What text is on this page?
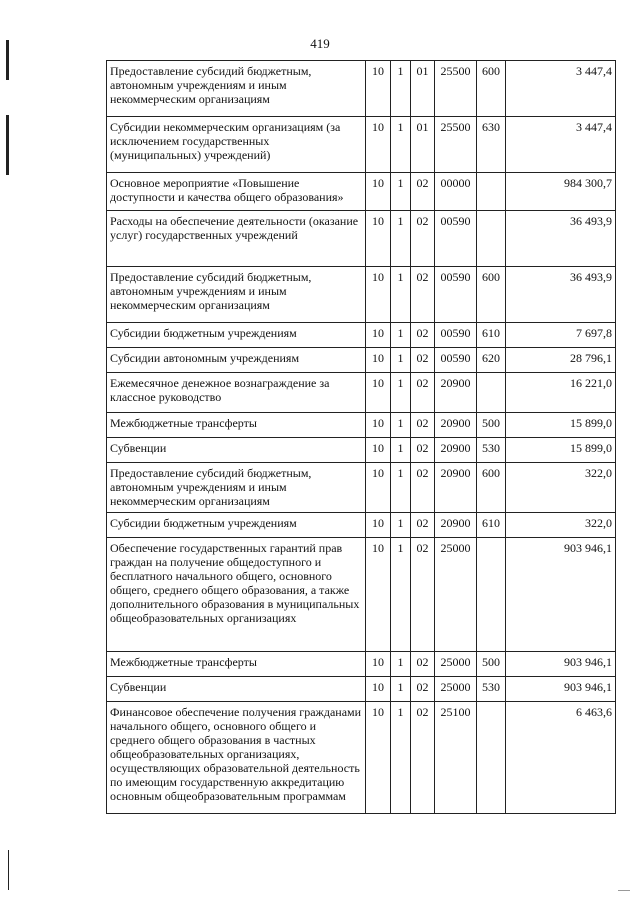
419
Предоставление субсидий бюджетным, автономным учреждениям и иным некоммерческим организациям	10	1	01	25500	600	3 447,4
Субсидии некоммерческим организациям (за исключением государственных (муниципальных) учреждений)	10	1	01	25500	630	3 447,4
Основное мероприятие «Повышение доступности и качества общего образования»	10	1	02	00000		984 300,7
Расходы на обеспечение деятельности (оказание услуг) государственных учреждений	10	1	02	00590		36 493,9
Предоставление субсидий бюджетным, автономным учреждениям и иным некоммерческим организациям	10	1	02	00590	600	36 493,9
Субсидии бюджетным учреждениям	10	1	02	00590	610	7 697,8
Субсидии автономным учреждениям	10	1	02	00590	620	28 796,1
Ежемесячное денежное вознаграждение за классное руководство	10	1	02	20900		16 221,0
Межбюджетные трансферты	10	1	02	20900	500	15 899,0
Субвенции	10	1	02	20900	530	15 899,0
Предоставление субсидий бюджетным, автономным учреждениям и иным некоммерческим организациям	10	1	02	20900	600	322,0
Субсидии бюджетным учреждениям	10	1	02	20900	610	322,0
Обеспечение государственных гарантий прав граждан на получение общедоступного и бесплатного начального общего, основного общего, среднего общего образования, а также дополнительного образования в муниципальных общеобразовательных организациях	10	1	02	25000		903 946,1
Межбюджетные трансферты	10	1	02	25000	500	903 946,1
Субвенции	10	1	02	25000	530	903 946,1
Финансовое обеспечение получения гражданами начального общего, основного общего и среднего общего образования в частных общеобразовательных организациях, осуществляющих образовательной деятельность по имеющим государственную аккредитацию основным общеобразовательным программам	10	1	02	25100		6 463,6
